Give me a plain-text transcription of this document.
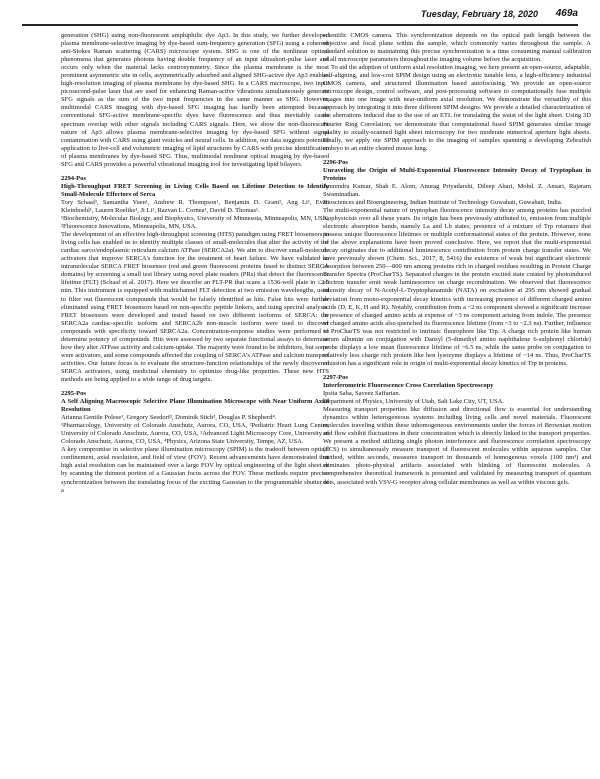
Tuesday, February 18, 2020 469a

generation (SHG) using non-fluorescent amphiphilic dye Ap3. In this study, we further developed plasma membrane-selective imaging by dye-based sum-frequency generation (SFG) using a coherent anti-Stokes Raman scattering (CARS) microscope system. SHG is one of the nonlinear optical phenomena that generates photons having double frequency of an input ultrashort-pulse laser and occurs only when the material lacks centrosymmetry. Since the plasma membrane is the most prominent asymmetric site in cells, asymmetrically adsorbed and aligned SHG-active dye Ap3 enables high-resolution imaging of plasma membrane by dye-based SHG. In a CARS microscope, two input picosecond-pulse laser that are used for enhancing Raman-active vibrations simultaneously generate SFG signals as the sum of the two input frequencies in the same manner as SHG. However, multimodal CARS imaging with dye-based SFG imaging has hardly been attempted because conventional SFG-active membrane-specific dyes have fluorescence and thus inevitably cause spectrum overlap with other signals including CARS signals. Here, we show the non-fluorescent nature of Ap3 allows plasma membrane-selective imaging by dye-based SFG without signal contamination with CARS using giant vesicles and neural cells. In addition, our data suggests potential application to live-cell and volumetric imaging of lipid structures by CARS with precise identification of plasma membranes by dye-based SFG. Thus, multimodal nonlinear optical imaging by dye-based SFG and CARS provides a powerful vibrational imaging tool for investigating lipid bilayers.

2294-Pos

High-Throughput FRET Screening in Living Cells Based on Lifetime Detection to Identify Small-Molecule Effectors of Serca

Tory Schaaf¹, Samantha Yuen¹, Andrew R. Thompson¹, Benjamin D. Grant², Ang Li¹, Evan Kleinboehl¹, Lauren Roelike¹, Ji Li¹, Razvan L. Cornea¹, David D. Thomas¹.

¹Biochemistry, Molecular Biology, and Biophysics, University of Minnesota, Minneapolis, MN, USA, ²Fluorescence Innovations, Minneapolis, MN, USA.

The development of an effective high-throughput screening (HTS) paradigm using FRET biosensors in living cells has enabled us to identify multiple classes of small-molecules that alter the activity of the cardiac sarco/endoplasmic reticulum calcium ATPase (SERCA2a). We aim to discover small-molecule activators that improve SERCA's function for the treatment of heart failure. We have validated an intramolecular SERCA FRET biosensor (red and green fluorescent proteins fused to distinct SERCA domains) by screening a small test library using novel plate readers (PRs) that detect the fluorescence lifetime (FLT) (Schaaf et al. 2017). Here we describe an FLT-PR that scans a 1536-well plate in ≤2.5 min. This instrument is equipped with multichannel FLT detection at two emission wavelengths, used to filter out fluorescent compounds that would be falsely identified as hits. False hits were further eliminated using FRET biosensors based on non-specific peptide linkers, and using spectral analysis. FRET biosensors were developed and tested based on two different isoforms of SERCA: the SERCA2a cardiac-specific isoform and SERCA2b non-muscle isoform were used to discover compounds with specificity toward SERCA2a. Concentration-response studies were performed to determine potency of compounds. Hits were assessed by two separate functional assays to determine how they alter ATPase activity and calcium-uptake. The majority were found to be inhibitors, but some were activators, and some compounds affected the coupling of SERCA's ATPase and calcium transport activities. Our future focus is to evaluate the structure-function relationships of the newly discovered SERCA activators, using medicinal chemistry to optimize drug-like properties. These new HTS methods are being applied to a wide range of drug targets.

2295-Pos

A Self Aligning Macroscopic Selective Plane Illumination Microscope with Near Uniform Axial Resolution

Arianna Gentile Polese¹, Gregory Seedorf², Dominik Stich³, Douglas P. Shepherd⁴.

¹Pharmacology, University of Colorado Anschutz, Aurora, CO, USA, ²Pediatric Heart Lung Center, University of Colorado Anschutz, Aurora, CO, USA, ³Advanced Light Microscopy Core, University of Colorado Anschutz, Aurora, CO, USA, ⁴Physics, Arizona State University, Tempe, AZ, USA.

A key compromise in selective plane illumination microscopy (SPIM) is the tradeoff between optical confinement, axial resolution, and field of view (FOV). Recent advancements have demonstrated that high axial resolution can be maintained over a large FOV by optical engineering of the light sheet or by scanning the thinnest portion of a Gaussian focus across the FOV. These methods require precise synchronization between the translating focus of the exciting Gaussian to the programmable shutter of a

scientific CMOS camera. This synchronization depends on the optical path length between the objective and focal plane within the sample, which commonly varies throughout the sample. A standard solution to maintaining this precise synchronization is a time consuming manual calibration of all microscope parameters throughout the imaging volume before the acquisition.

To aid the adoption of uniform axial resolution imaging, we here present an open-source, adaptable, self-aligning, and low-cost SPIM design using an electronic tunable lens, a high-efficiency industrial CMOS camera, and structured illumination based autofocusing. We provide an open-source microscope design, control software, and post-processing software to computationally fuse multiple images into one image with near-uniform axial resolution. We demonstrate the versatility of this approach by integrating it into three different SPIM designs. We provide a detailed characterization of the aberrations induced due to the use of an ETL for translating the waist of the light sheet. Using 3D Fourier Ring Correlation, we demonstrate that computational fused SPIM generates similar image quality to axially-scanned light sheet microscopy for two moderate numerical aperture light sheets. Finally, we apply our SPIM approach to the imaging of samples spanning a developing Zebrafish embryo to an entire cleared mouse lung.

2296-Pos

Unraveling the Origin of Multi-Exponential Fluorescence Intensity Decay of Tryptophan in Proteins

Amrendra Kumar, Shah E. Alom, Anurag Priyadarshi, Dileep Ahari, Mohd. Z. Ansari, Rajaram Swaminathan.

Biosciences and Bioengineering, Indian Institute of Technology Guwahati, Guwahati, India.

The multi-exponential nature of tryptophan fluorescence intensity decay among proteins has puzzled biophysicists over all these years. Its origin has been previously attributed to, emission from multiple electronic absorption bands, namely La and Lb states; presence of a mixture of Trp rotamers that possess unique fluorescence lifetimes or multiple conformational states of the protein. However, none of the above explanations have been proved conclusive. Here, we report that the multi-exponential decay originates due to additional luminescence contribution from protein charge transfer states. We have previously shown (Chem. Sci., 2017, 8, 5416) the existence of weak but significant electronic absorption between 250—800 nm among proteins rich in charged residues resulting in Protein Charge Transfer Spectra (ProCharTS). Separated charges in the protein excited state created by photoinduced electron transfer emit weak luminescence on charge recombination. We observed that fluorescence intensity decay of N-Acetyl-L-Tryptophanamide (NATA) on excitation at 295 nm showed gradual deviation from mono-exponential decay kinetics with increasing presence of different charged amino acids (D, E, K, H and R). Notably, contribution from a ~2 ns component showed a significant increase in presence of charged amino acids at expense of ~3 ns component arising from indole. The presence of charged amino acids also quenched its fluorescence lifetime (from ~3 to ~2.3 ns). Further, influence of ProCharTS was not restricted to intrinsic fluorophore like Trp. A charge rich protein like human serum albumin on conjugation with Dansyl (5-dimethyl amino naphthalene 6-sulphonyl chloride) probe displays a low mean fluorescence lifetime of ~6.5 ns, while the same probe on conjugation to relatively less charge rich protein like hen lysozyme displays a lifetime of ~14 ns. Thus, ProCharTS emission has a significant role in origin of multi-exponential decay kinetics of Trp in proteins.

2297-Pos

Interferometric Fluorescence Cross Correlation Spectroscopy

Ipsita Saha, Saveez Saffarian.

Department of Physics, University of Utah, Salt Lake City, UT, USA.

Measuring transport properties like diffusion and directional flow is essential for understanding dynamics within heterogeneous systems including living cells and novel materials. Fluorescent molecules traveling within these inhomogeneous environments under the forces of Brownian motion and flow exhibit fluctuations in their concentration which is directly linked to the transport properties. We present a method utilizing single photon interference and fluorescence correlation spectroscopy (FCS) to simultaneously measure transport of fluorescent molecules within aqueous samples. Our method, within seconds, measures transport in thousands of homogenous voxels (100 nm³) and eliminates photo-physical artifacts associated with blinking of fluorescent molecules. A comprehensive theoretical framework is presented and validated by measuring transport of quantum dots, associated with VSV-G receptor along cellular membranes as well as within viscous gels.
